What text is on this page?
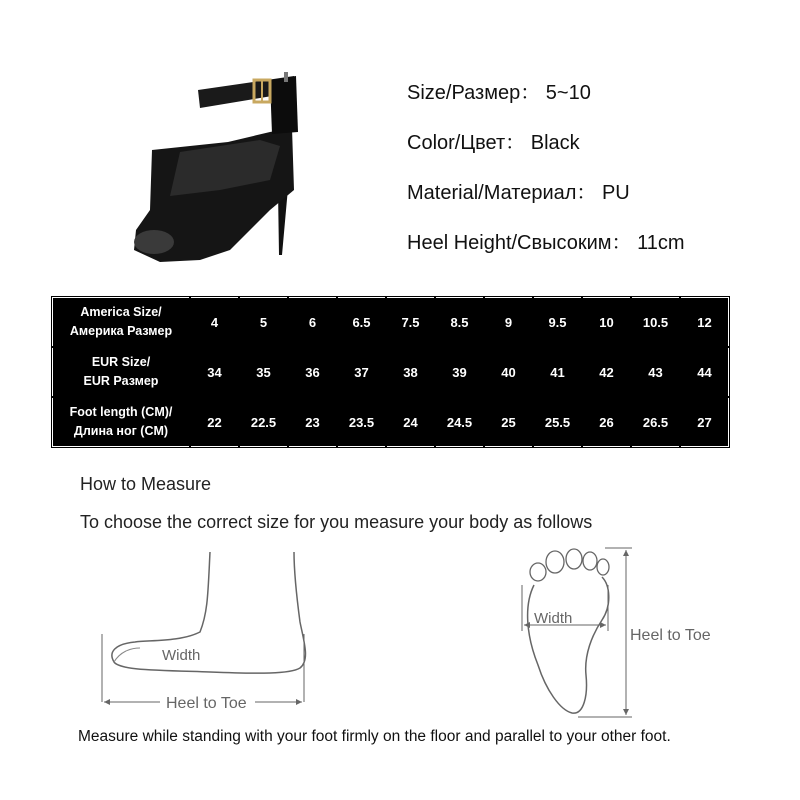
Size/Размер： 5~10
Color/Цвет： Black
Material/Материал： PU
Heel Height/Свысоким： 11cm
America Size/
Америка Размер	4	5	6	6.5	7.5	8.5	9	9.5	10	10.5	12

EUR Size/
EUR Размер	34	35	36	37	38	39	40	41	42	43	44

Foot length (CM)/
Длина ног (CM)	22	22.5	23	23.5	24	24.5	25	25.5	26	26.5	27
How to Measure
To choose the correct size for you measure your body as follows
Width
Heel to Toe
Width
Heel to Toe
Measure while standing with your foot firmly on the floor and parallel to your other foot.
